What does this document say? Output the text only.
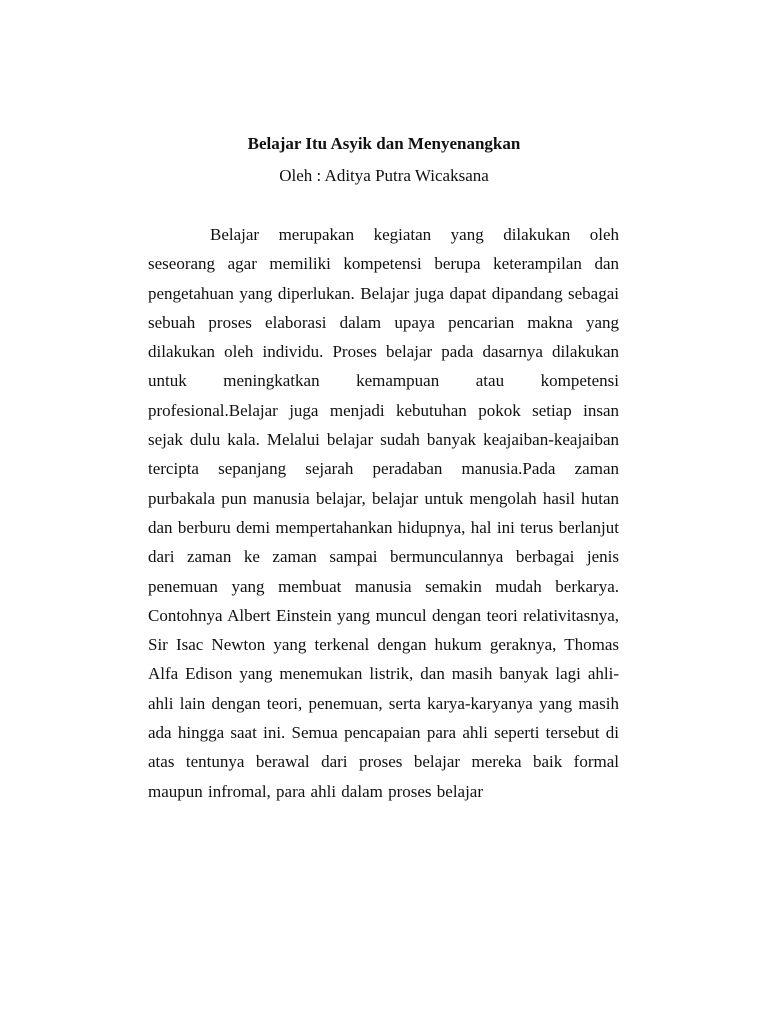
Belajar Itu Asyik dan Menyenangkan

Oleh : Aditya Putra Wicaksana

Belajar merupakan kegiatan yang dilakukan oleh seseorang agar memiliki kompetensi berupa keterampilan dan pengetahuan yang diperlukan. Belajar juga dapat dipandang sebagai sebuah proses elaborasi dalam upaya pencarian makna yang dilakukan oleh individu. Proses belajar pada dasarnya dilakukan untuk meningkatkan kemampuan atau kompetensi profesional.Belajar juga menjadi kebutuhan pokok setiap insan sejak dulu kala. Melalui belajar sudah banyak keajaiban-keajaiban tercipta sepanjang sejarah peradaban manusia.Pada zaman purbakala pun manusia belajar, belajar untuk mengolah hasil hutan dan berburu demi mempertahankan hidupnya, hal ini terus berlanjut dari zaman ke zaman sampai bermunculannya berbagai jenis penemuan yang membuat manusia semakin mudah berkarya. Contohnya Albert Einstein yang muncul dengan teori relativitasnya, Sir Isac Newton yang terkenal dengan hukum geraknya, Thomas Alfa Edison yang menemukan listrik, dan masih banyak lagi ahli-ahli lain dengan teori, penemuan, serta karya-karyanya yang masih ada hingga saat ini. Semua pencapaian para ahli seperti tersebut di atas tentunya berawal dari proses belajar mereka baik formal maupun infromal, para ahli dalam proses belajar
